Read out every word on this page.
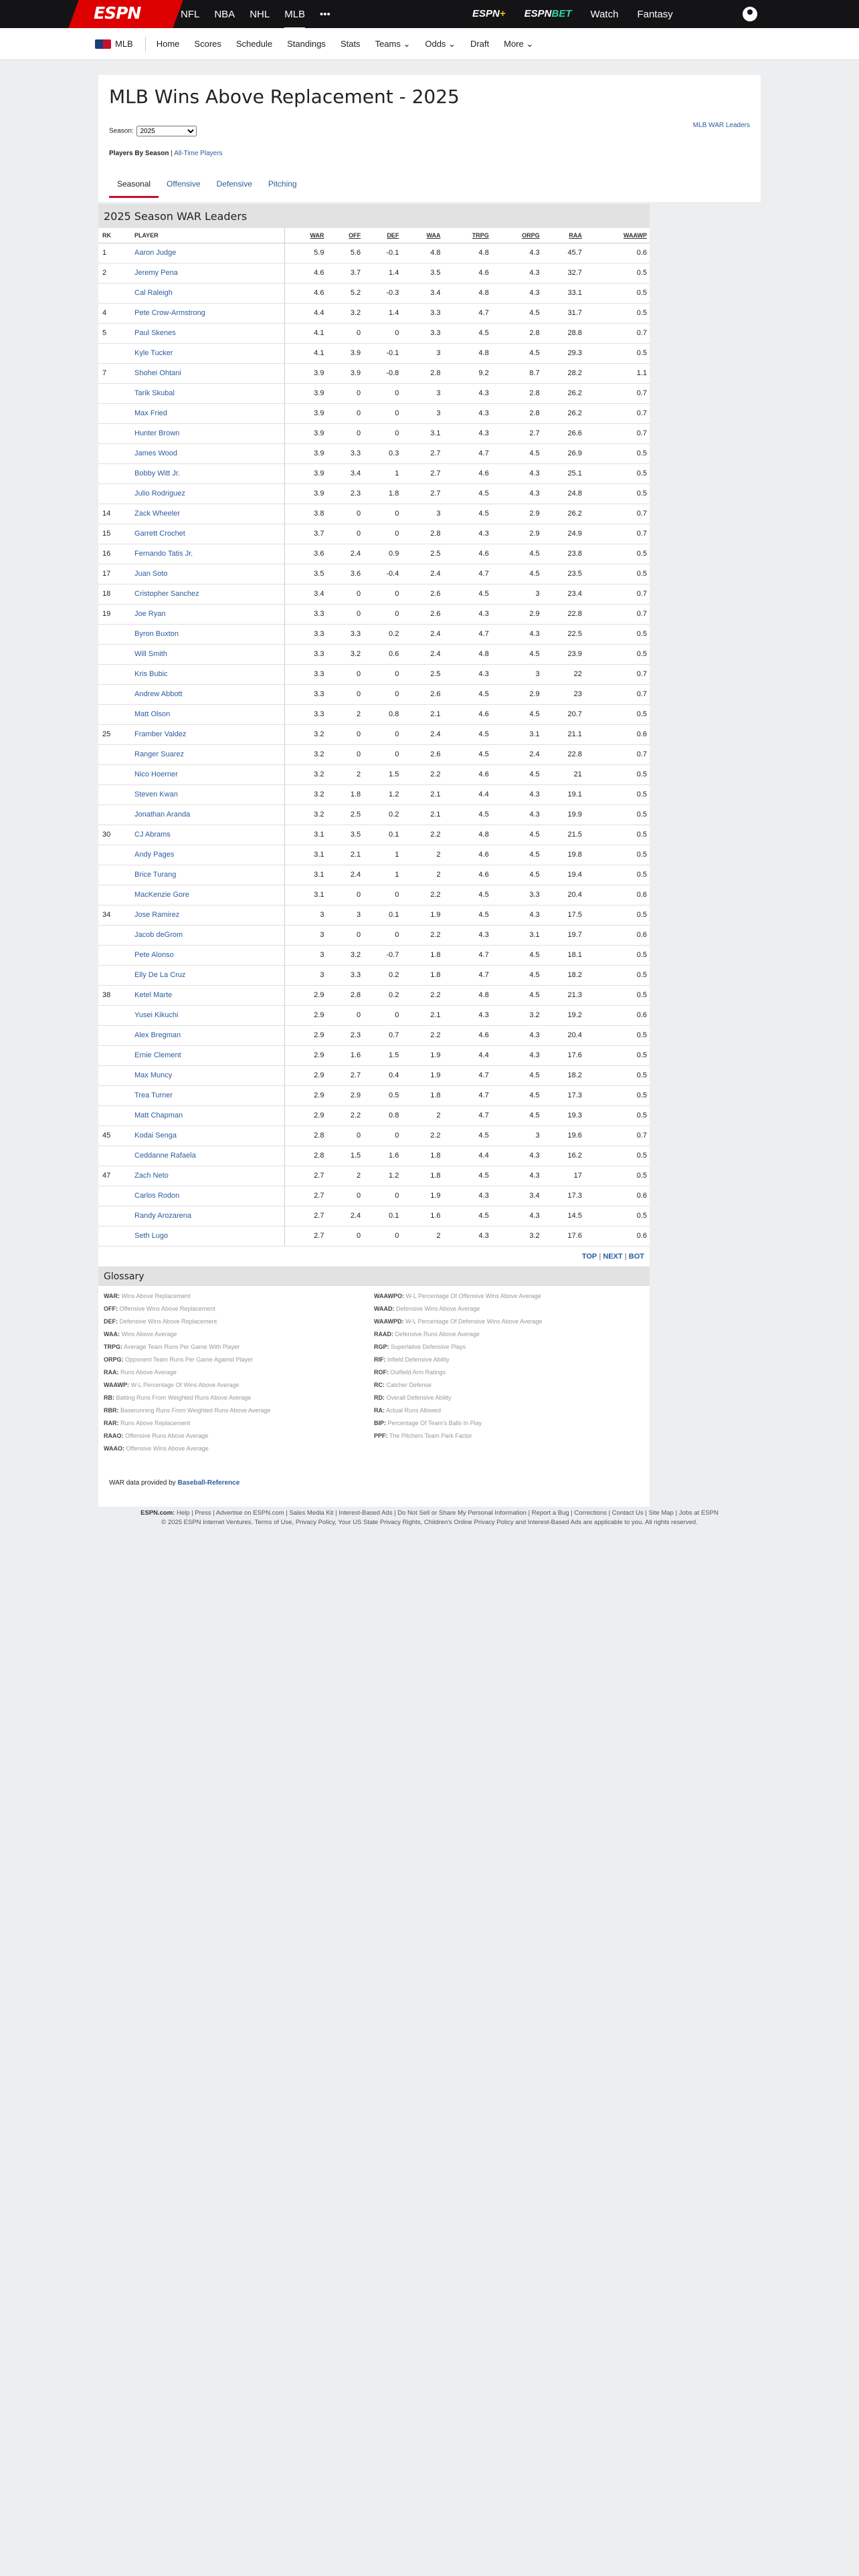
ESPN	NFL NBA NHL MLB •••	ESPN+ ESPNBET Watch Fantasy
MLB	Home Scores Schedule Standings Stats Teams ⌄ Odds ⌄ Draft More ⌄
MLB Wins Above Replacement - 2025
Season:
2025
MLB WAR Leaders
Players By Season | All-Time Players
Seasonal	Offensive	Defensive	Pitching
2025 Season WAR Leaders
RK	PLAYER	WAR	OFF	DEF	WAA	TRPG	ORPG	RAA	WAAWP
1	Aaron Judge	5.9	5.6	-0.1	4.8	4.8	4.3	45.7	0.6
2	Jeremy Pena	4.6	3.7	1.4	3.5	4.6	4.3	32.7	0.5
	Cal Raleigh	4.6	5.2	-0.3	3.4	4.8	4.3	33.1	0.5
4	Pete Crow-Armstrong	4.4	3.2	1.4	3.3	4.7	4.5	31.7	0.5
5	Paul Skenes	4.1	0	0	3.3	4.5	2.8	28.8	0.7
	Kyle Tucker	4.1	3.9	-0.1	3	4.8	4.5	29.3	0.5
7	Shohei Ohtani	3.9	3.9	-0.8	2.8	9.2	8.7	28.2	1.1
	Tarik Skubal	3.9	0	0	3	4.3	2.8	26.2	0.7
	Max Fried	3.9	0	0	3	4.3	2.8	26.2	0.7
	Hunter Brown	3.9	0	0	3.1	4.3	2.7	26.6	0.7
	James Wood	3.9	3.3	0.3	2.7	4.7	4.5	26.9	0.5
	Bobby Witt Jr.	3.9	3.4	1	2.7	4.6	4.3	25.1	0.5
	Julio Rodriguez	3.9	2.3	1.8	2.7	4.5	4.3	24.8	0.5
14	Zack Wheeler	3.8	0	0	3	4.5	2.9	26.2	0.7
15	Garrett Crochet	3.7	0	0	2.8	4.3	2.9	24.9	0.7
16	Fernando Tatis Jr.	3.6	2.4	0.9	2.5	4.6	4.5	23.8	0.5
17	Juan Soto	3.5	3.6	-0.4	2.4	4.7	4.5	23.5	0.5
18	Cristopher Sanchez	3.4	0	0	2.6	4.5	3	23.4	0.7
19	Joe Ryan	3.3	0	0	2.6	4.3	2.9	22.8	0.7
	Byron Buxton	3.3	3.3	0.2	2.4	4.7	4.3	22.5	0.5
	Will Smith	3.3	3.2	0.6	2.4	4.8	4.5	23.9	0.5
	Kris Bubic	3.3	0	0	2.5	4.3	3	22	0.7
	Andrew Abbott	3.3	0	0	2.6	4.5	2.9	23	0.7
	Matt Olson	3.3	2	0.8	2.1	4.6	4.5	20.7	0.5
25	Framber Valdez	3.2	0	0	2.4	4.5	3.1	21.1	0.6
	Ranger Suarez	3.2	0	0	2.6	4.5	2.4	22.8	0.7
	Nico Hoerner	3.2	2	1.5	2.2	4.6	4.5	21	0.5
	Steven Kwan	3.2	1.8	1.2	2.1	4.4	4.3	19.1	0.5
	Jonathan Aranda	3.2	2.5	0.2	2.1	4.5	4.3	19.9	0.5
30	CJ Abrams	3.1	3.5	0.1	2.2	4.8	4.5	21.5	0.5
	Andy Pages	3.1	2.1	1	2	4.6	4.5	19.8	0.5
	Brice Turang	3.1	2.4	1	2	4.6	4.5	19.4	0.5
	MacKenzie Gore	3.1	0	0	2.2	4.5	3.3	20.4	0.6
34	Jose Ramirez	3	3	0.1	1.9	4.5	4.3	17.5	0.5
	Jacob deGrom	3	0	0	2.2	4.3	3.1	19.7	0.6
	Pete Alonso	3	3.2	-0.7	1.8	4.7	4.5	18.1	0.5
	Elly De La Cruz	3	3.3	0.2	1.8	4.7	4.5	18.2	0.5
38	Ketel Marte	2.9	2.8	0.2	2.2	4.8	4.5	21.3	0.5
	Yusei Kikuchi	2.9	0	0	2.1	4.3	3.2	19.2	0.6
	Alex Bregman	2.9	2.3	0.7	2.2	4.6	4.3	20.4	0.5
	Ernie Clement	2.9	1.6	1.5	1.9	4.4	4.3	17.6	0.5
	Max Muncy	2.9	2.7	0.4	1.9	4.7	4.5	18.2	0.5
	Trea Turner	2.9	2.9	0.5	1.8	4.7	4.5	17.3	0.5
	Matt Chapman	2.9	2.2	0.8	2	4.7	4.5	19.3	0.5
45	Kodai Senga	2.8	0	0	2.2	4.5	3	19.6	0.7
	Ceddanne Rafaela	2.8	1.5	1.6	1.8	4.4	4.3	16.2	0.5
47	Zach Neto	2.7	2	1.2	1.8	4.5	4.3	17	0.5
	Carlos Rodon	2.7	0	0	1.9	4.3	3.4	17.3	0.6
	Randy Arozarena	2.7	2.4	0.1	1.6	4.5	4.3	14.5	0.5
	Seth Lugo	2.7	0	0	2	4.3	3.2	17.6	0.6
TOP | NEXT | BOT
Glossary
WAR: Wins Above Replacement
OFF: Offensive Wins Above Replacement
DEF: Defensive Wins Above Replacement
WAA: Wins Above Average
TRPG: Average Team Runs Per Game With Player
ORPG: Opponent Team Runs Per Game Against Player
RAA: Runs Above Average
WAAWP: W-L Percentage Of Wins Above Average
RB: Batting Runs From Weighted Runs Above Average
RBR: Baserunning Runs From Weighted Runs Above Average
RAR: Runs Above Replacement
RAAO: Offensive Runs Above Average
WAAO: Offensive Wins Above Average
WAAWPO: W-L Percentage Of Offensive Wins Above Average
WAAD: Defensive Wins Above Average
WAAWPD: W-L Percentage Of Defensive Wins Above Average
RAAD: Defensive Runs Above Average
RGP: Superlative Defensive Plays
RIF: Infield Defensive Ability
ROF: Outfield Arm Ratings
RC: Catcher Defense
RD: Overall Defensive Ability
RA: Actual Runs Allowed
BIP: Percentage Of Team's Balls In Play
PPF: The Pitchers Team Park Factor
WAR data provided by Baseball-Reference
ESPN.com: Help | Press | Advertise on ESPN.com | Sales Media Kit | Interest-Based Ads | Do Not Sell or Share My Personal Information | Report a Bug | Corrections | Contact Us | Site Map | Jobs at ESPN
© 2025 ESPN Internet Ventures. Terms of Use, Privacy Policy, Your US State Privacy Rights, Children's Online Privacy Policy and Interest-Based Ads are applicable to you. All rights reserved.
